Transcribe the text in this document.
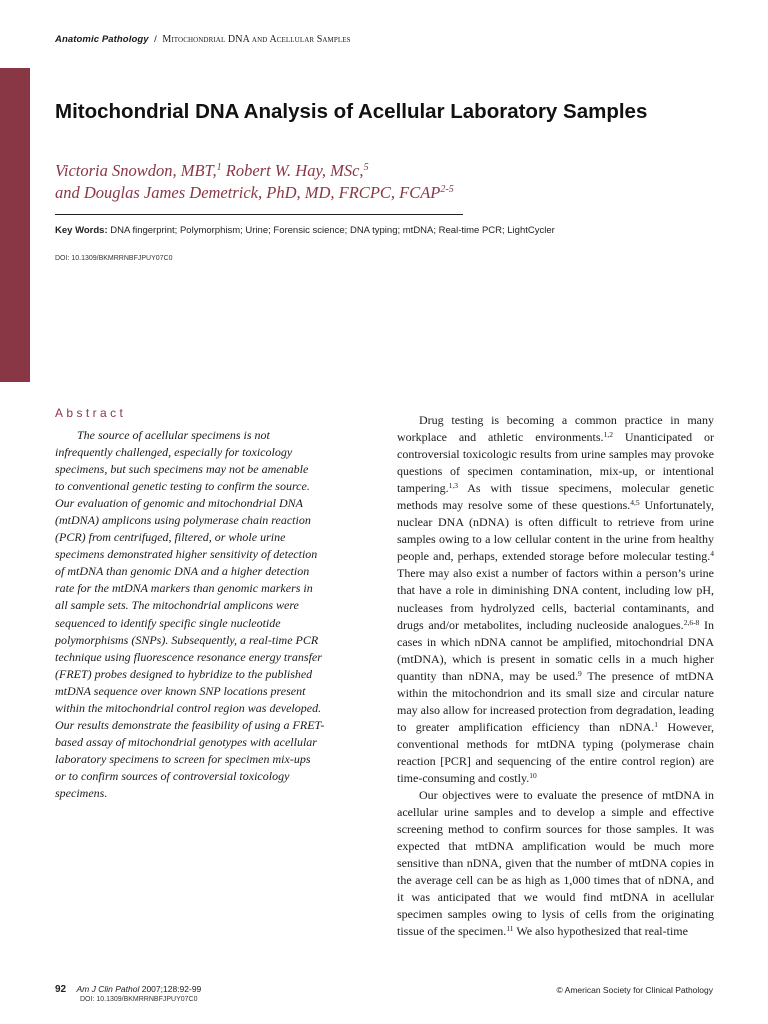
Anatomic Pathology / Mitochondrial DNA and Acellular Samples
Mitochondrial DNA Analysis of Acellular Laboratory Samples
Victoria Snowdon, MBT,$^1$ Robert W. Hay, MSc,$^5$
and Douglas James Demetrick, PhD, MD, FRCPC, FCAP$^{2-5}$
Key Words: DNA fingerprint; Polymorphism; Urine; Forensic science; DNA typing; mtDNA; Real-time PCR; LightCycler
DOI: 10.1309/BKMRRNBFJPUY07C0
Abstract
The source of acellular specimens is not
infrequently challenged, especially for toxicology
specimens, but such specimens may not be amenable
to conventional genetic testing to confirm the source.
Our evaluation of genomic and mitochondrial DNA
(mtDNA) amplicons using polymerase chain reaction
(PCR) from centrifuged, filtered, or whole urine
specimens demonstrated higher sensitivity of detection
of mtDNA than genomic DNA and a higher detection
rate for the mtDNA markers than genomic markers in
all sample sets. The mitochondrial amplicons were
sequenced to identify specific single nucleotide
polymorphisms (SNPs). Subsequently, a real-time PCR
technique using fluorescence resonance energy transfer
(FRET) probes designed to hybridize to the published
mtDNA sequence over known SNP locations present
within the mitochondrial control region was developed.
Our results demonstrate the feasibility of using a FRET-
based assay of mitochondrial genotypes with acellular
laboratory specimens to screen for specimen mix-ups
or to confirm sources of controversial toxicology
specimens.

Drug testing is becoming a common practice in many workplace and athletic environments.$^{1,2}$ Unanticipated or controversial toxicologic results from urine samples may provoke questions of specimen contamination, mix-up, or intentional tampering.$^{1,3}$ As with tissue specimens, molecular genetic methods may resolve some of these questions.$^{4,5}$ Unfortunately, nuclear DNA (nDNA) is often difficult to retrieve from urine samples owing to a low cellular content in the urine from healthy people and, perhaps, extended storage before molecular testing.$^4$ There may also exist a number of factors within a person’s urine that have a role in diminishing DNA content, including low pH, nucleases from hydrolyzed cells, bacterial contaminants, and drugs and/or metabolites, including nucleoside analogues.$^{2,6-8}$ In cases in which nDNA cannot be amplified, mitochondrial DNA (mtDNA), which is present in somatic cells in a much higher quantity than nDNA, may be used.$^9$ The presence of mtDNA within the mitochondrion and its small size and circular nature may also allow for increased protection from degradation, leading to greater amplification efficiency than nDNA.$^1$ However, conventional methods for mtDNA typing (polymerase chain reaction [PCR] and sequencing of the entire control region) are time-consuming and costly.$^{10}$

Our objectives were to evaluate the presence of mtDNA in acellular urine samples and to develop a simple and effective screening method to confirm sources for those samples. It was expected that mtDNA amplification would be much more sensitive than nDNA, given that the number of mtDNA copies in the average cell can be as high as 1,000 times that of nDNA, and it was anticipated that we would find mtDNA in acellular specimen samples owing to lysis of cells from the originating tissue of the specimen.$^{11}$ We also hypothesized that real-time

92 Am J Clin Pathol 2007;128:92-99
DOI: 10.1309/BKMRRNBFJPUY07C0
© American Society for Clinical Pathology
